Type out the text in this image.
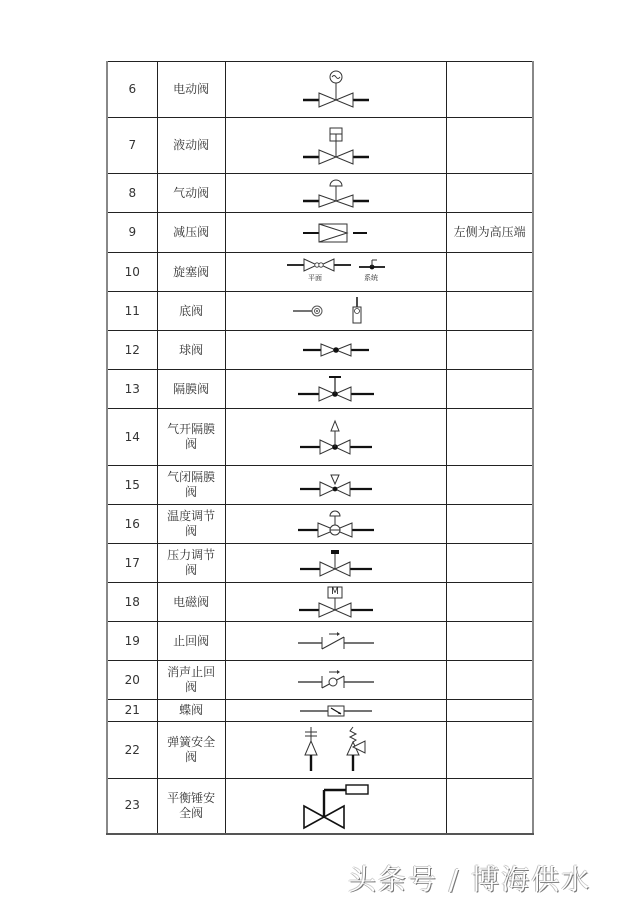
6	电动阀	

7	液动阀	

8	气动阀	

9	减压阀		左侧为高压端
10	旋塞阀	平面 系统	

11	底阀	

12	球阀	

13	隔膜阀	

14	气开隔膜阀	

15	气闭隔膜阀	

16	温度调节阀	

17	压力调节阀	

18	电磁阀	M	

19	止回阀	

20	消声止回阀	

21	蝶阀	

22	弹簧安全阀	

23	平衡锤安全阀	

头条号 / 博海供水
